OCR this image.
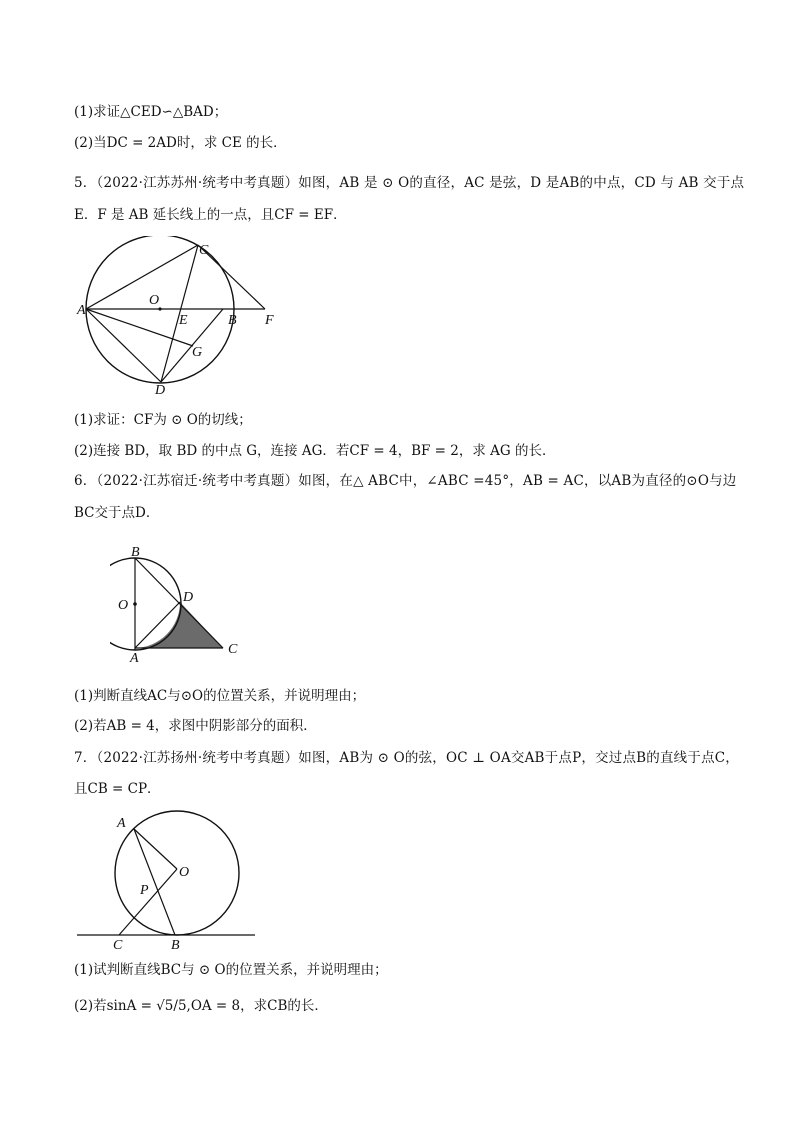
(1)求证△CED∽△BAD；
(2)当DC = 2AD时，求 CE 的长．
5．（2022·江苏苏州·统考中考真题）如图，AB 是 ⊙ O的直径，AC 是弦，D 是AB的中点，CD 与 AB 交于点
E．F 是 AB 延长线上的一点，且CF = EF．
A
O
C
E	B F
G
D
(1)求证：CF为 ⊙ O的切线；
(2)连接 BD，取 BD 的中点 G，连接 AG．若CF = 4，BF = 2，求 AG 的长．
6．（2022·江苏宿迁·统考中考真题）如图，在△ ABC中，∠ABC =45°，AB = AC，以AB为直径的⊙O与边
BC交于点D．
B
O
D
A
C
(1)判断直线AC与⊙O的位置关系，并说明理由；
(2)若AB = 4，求图中阴影部分的面积．
7．（2022·江苏扬州·统考中考真题）如图，AB为 ⊙ O的弦，OC ⊥ OA交AB于点P，交过点B的直线于点C，
且CB = CP．
A
O
P
C	B
(1)试判断直线BC与 ⊙ O的位置关系，并说明理由；
(2)若sinA = √5/5,OA = 8，求CB的长．
